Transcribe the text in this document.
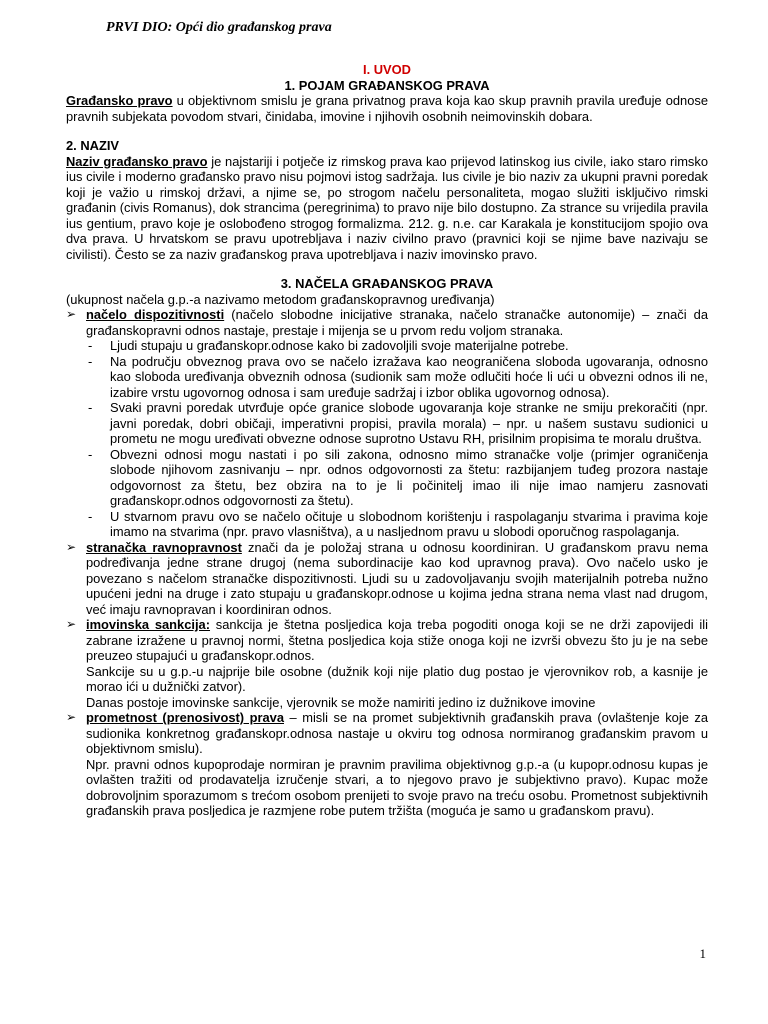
PRVI DIO: Opći dio građanskog prava
I. UVOD
1. POJAM GRAĐANSKOG PRAVA

Građansko pravo u objektivnom smislu je grana privatnog prava koja kao skup pravnih pravila uređuje odnose pravnih subjekata povodom stvari, činidaba, imovine i njihovih osobnih neimovinskih dobara.

2. NAZIV

Naziv građansko pravo je najstariji i potječe iz rimskog prava kao prijevod latinskog ius civile, iako staro rimsko ius civile i moderno građansko pravo nisu pojmovi istog sadržaja. Ius civile je bio naziv za ukupni pravni poredak koji je važio u rimskoj državi, a njime se, po strogom načelu personaliteta, mogao služiti isključivo rimski građanin (civis Romanus), dok strancima (peregrinima) to pravo nije bilo dostupno. Za strance su vrijedila pravila ius gentium, pravo koje je oslobođeno strogog formalizma. 212. g. n.e. car Karakala je konstitucijom spojio ova dva prava. U hrvatskom se pravu upotrebljava i naziv civilno pravo (pravnici koji se njime bave nazivaju se civilisti). Često se za naziv građanskog prava upotrebljava i naziv imovinsko pravo.

3. NAČELA GRAĐANSKOG PRAVA
(ukupnost načela g.p.-a nazivamo metodom građanskopravnog uređivanja)
➢ načelo dispozitivnosti (načelo slobodne inicijative stranaka, načelo stranačke autonomije) – znači da građanskopravni odnos nastaje, prestaje i mijenja se u prvom redu voljom stranaka.
- Ljudi stupaju u građanskopr.odnose kako bi zadovoljili svoje materijalne potrebe.
- Na području obveznog prava ovo se načelo izražava kao neograničena sloboda ugovaranja, odnosno kao sloboda uređivanja obveznih odnosa (sudionik sam može odlučiti hoće li ući u obvezni odnos ili ne, izabire vrstu ugovornog odnosa i sam uređuje sadržaj i izbor oblika ugovornog odnosa).
- Svaki pravni poredak utvrđuje opće granice slobode ugovaranja koje stranke ne smiju prekoračiti (npr. javni poredak, dobri običaji, imperativni propisi, pravila morala) – npr. u našem sustavu sudionici u prometu ne mogu uređivati obvezne odnose suprotno Ustavu RH, prisilnim propisima te moralu društva.
- Obvezni odnosi mogu nastati i po sili zakona, odnosno mimo stranačke volje (primjer ograničenja slobode njihovom zasnivanju – npr. odnos odgovornosti za štetu: razbijanjem tuđeg prozora nastaje odgovornost za štetu, bez obzira na to je li počinitelj imao ili nije imao namjeru zasnovati građanskopr.odnos odgovornosti za štetu).
- U stvarnom pravu ovo se načelo očituje u slobodnom korištenju i raspolaganju stvarima i pravima koje imamo na stvarima (npr. pravo vlasništva), a u nasljednom pravu u slobodi oporučnog raspolaganja.
➢ stranačka ravnopravnost znači da je položaj strana u odnosu koordiniran. U građanskom pravu nema podređivanja jedne strane drugoj (nema subordinacije kao kod upravnog prava). Ovo načelo usko je povezano s načelom stranačke dispozitivnosti. Ljudi su u zadovoljavanju svojih materijalnih potreba nužno upućeni jedni na druge i zato stupaju u građanskopr.odnose u kojima jedna strana nema vlast nad drugom, već imaju ravnopravan i koordiniran odnos.
➢ imovinska sankcija: sankcija je štetna posljedica koja treba pogoditi onoga koji se ne drži zapovijedi ili zabrane izražene u pravnoj normi, štetna posljedica koja stiže onoga koji ne izvrši obvezu što ju je na sebe preuzeo stupajući u građanskopr.odnos.
Sankcije su u g.p.-u najprije bile osobne (dužnik koji nije platio dug postao je vjerovnikov rob, a kasnije je morao ići u dužnički zatvor).
Danas postoje imovinske sankcije, vjerovnik se može namiriti jedino iz dužnikove imovine
➢ prometnost (prenosivost) prava – misli se na promet subjektivnih građanskih prava (ovlaštenje koje za sudionika konkretnog građanskopr.odnosa nastaje u okviru tog odnosa normiranog građanskim pravom u objektivnom smislu).
Npr. pravni odnos kupoprodaje normiran je pravnim pravilima objektivnog g.p.-a (u kupopr.odnosu kupas je ovlašten tražiti od prodavatelja izručenje stvari, a to njegovo pravo je subjektivno pravo). Kupac može dobrovoljnim sporazumom s trećom osobom prenijeti to svoje pravo na treću osobu. Prometnost subjektivnih građanskih prava posljedica je razmjene robe putem tržišta (moguća je samo u građanskom pravu).
1
